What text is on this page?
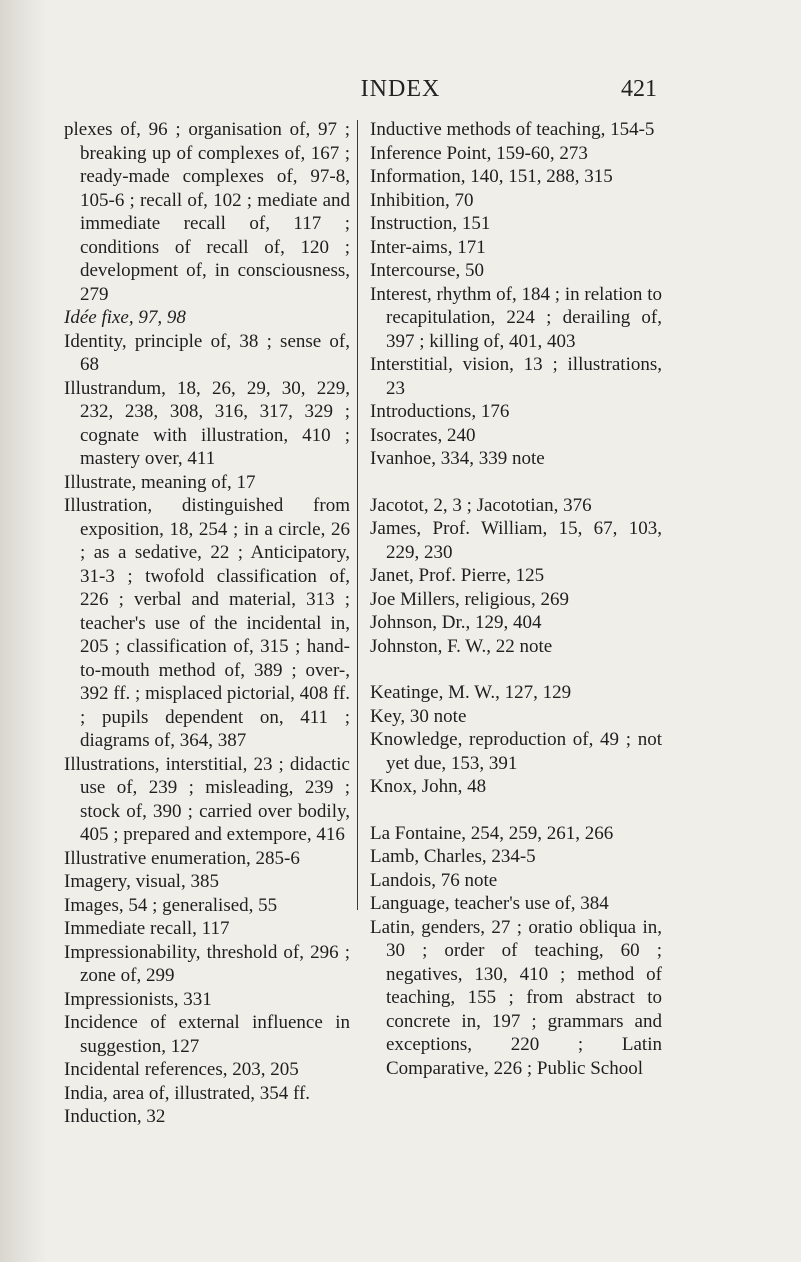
INDEX	421

plexes of, 96 ; organisation of, 97 ; breaking up of complexes of, 167 ; ready-made complexes of, 97-8, 105-6 ; recall of, 102 ; mediate and immediate recall of, 117 ; conditions of recall of, 120 ; development of, in consciousness, 279

Idée fixe, 97, 98

Identity, principle of, 38 ; sense of, 68

Illustrandum, 18, 26, 29, 30, 229, 232, 238, 308, 316, 317, 329 ; cognate with illustration, 410 ; mastery over, 411

Illustrate, meaning of, 17

Illustration, distinguished from exposition, 18, 254 ; in a circle, 26 ; as a sedative, 22 ; Anticipatory, 31-3 ; twofold classification of, 226 ; verbal and material, 313 ; teacher's use of the incidental in, 205 ; classification of, 315 ; hand-to-mouth method of, 389 ; over-, 392 ff. ; misplaced pictorial, 408 ff. ; pupils dependent on, 411 ; diagrams of, 364, 387

Illustrations, interstitial, 23 ; didactic use of, 239 ; misleading, 239 ; stock of, 390 ; carried over bodily, 405 ; prepared and extempore, 416

Illustrative enumeration, 285-6

Imagery, visual, 385

Images, 54 ; generalised, 55

Immediate recall, 117

Impressionability, threshold of, 296 ; zone of, 299

Impressionists, 331

Incidence of external influence in suggestion, 127

Incidental references, 203, 205

India, area of, illustrated, 354 ff.

Induction, 32

Inductive methods of teaching, 154-5

Inference Point, 159-60, 273

Information, 140, 151, 288, 315

Inhibition, 70

Instruction, 151

Inter-aims, 171

Intercourse, 50

Interest, rhythm of, 184 ; in relation to recapitulation, 224 ; derailing of, 397 ; killing of, 401, 403

Interstitial, vision, 13 ; illustrations, 23

Introductions, 176

Isocrates, 240

Ivanhoe, 334, 339 note

Jacotot, 2, 3 ; Jacototian, 376

James, Prof. William, 15, 67, 103, 229, 230

Janet, Prof. Pierre, 125

Joe Millers, religious, 269

Johnson, Dr., 129, 404

Johnston, F. W., 22 note

Keatinge, M. W., 127, 129

Key, 30 note

Knowledge, reproduction of, 49 ; not yet due, 153, 391

Knox, John, 48

La Fontaine, 254, 259, 261, 266

Lamb, Charles, 234-5

Landois, 76 note

Language, teacher's use of, 384

Latin, genders, 27 ; oratio obliqua in, 30 ; order of teaching, 60 ; negatives, 130, 410 ; method of teaching, 155 ; from abstract to concrete in, 197 ; grammars and exceptions, 220 ; Latin Comparative, 226 ; Public School
